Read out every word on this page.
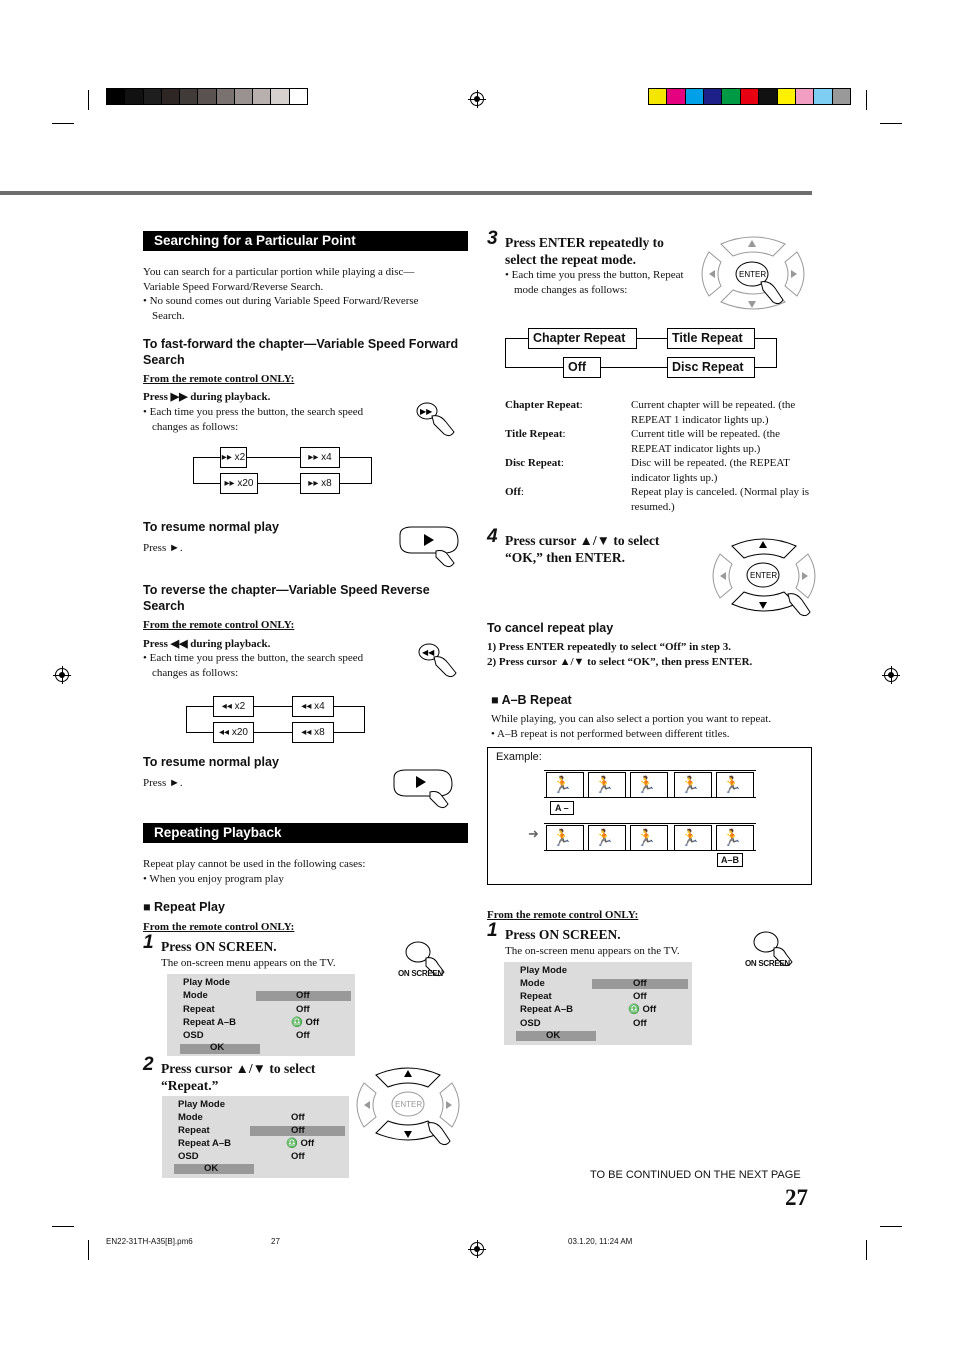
Searching for a Particular Point
You can search for a particular portion while playing a disc—Variable Speed Forward/Reverse Search.
• No sound comes out during Variable Speed Forward/Reverse Search.
To fast-forward the chapter—Variable Speed Forward Search
From the remote control ONLY:
Press ▶▶ during playback.
• Each time you press the button, the search speed changes as follows:
▶▶
▸▸ x2	▸▸ x4
▸▸ x20	▸▸ x8
To resume normal play
Press ►.
To reverse the chapter—Variable Speed Reverse Search
From the remote control ONLY:
Press ◀◀ during playback.
• Each time you press the button, the search speed changes as follows:
◀◀
◂◂ x2	◂◂ x4
◂◂ x20	◂◂ x8
To resume normal play
Press ►.
Repeating Playback
Repeat play cannot be used in the following cases:
• When you enjoy program play
■ Repeat Play
From the remote control ONLY:
1 Press ON SCREEN.
The on-screen menu appears on the TV.
ON SCREEN
Play Mode
Mode	Off
Repeat	Off
Repeat A–B	♎ Off
OSD	Off
OK
2 Press cursor ▲/▼ to select “Repeat.”
ENTER
Play Mode
Mode	Off
Repeat	Off
Repeat A–B	♎ Off
OSD	Off
OK
3 Press ENTER repeatedly to select the repeat mode.
• Each time you press the button, Repeat mode changes as follows:
ENTER
Chapter Repeat	Title Repeat
Off	Disc Repeat
Chapter Repeat:	Current chapter will be repeated. (the REPEAT 1 indicator lights up.)
Title Repeat:	Current title will be repeated. (the REPEAT indicator lights up.)
Disc Repeat:	Disc will be repeated. (the REPEAT indicator lights up.)
Off:	Repeat play is canceled. (Normal play is resumed.)
4 Press cursor ▲/▼ to select “OK,” then ENTER.
ENTER
To cancel repeat play
1) Press ENTER repeatedly to select “Off” in step 3.
2) Press cursor ▲/▼ to select “OK”, then press ENTER.
■ A–B Repeat
While playing, you can also select a portion you want to repeat.
• A–B repeat is not performed between different titles.
Example:
🏃 🏃 🏃 🏃 🏃
A –
➜ 🏃 🏃 🏃 🏃 🏃
A–B
From the remote control ONLY:
1 Press ON SCREEN.
The on-screen menu appears on the TV.
ON SCREEN
Play Mode
Mode	Off
Repeat	Off
Repeat A–B	♎ Off
OSD	Off
OK
TO BE CONTINUED ON THE NEXT PAGE
27
EN22-31TH-A35[B].pm6	27	03.1.20, 11:24 AM
